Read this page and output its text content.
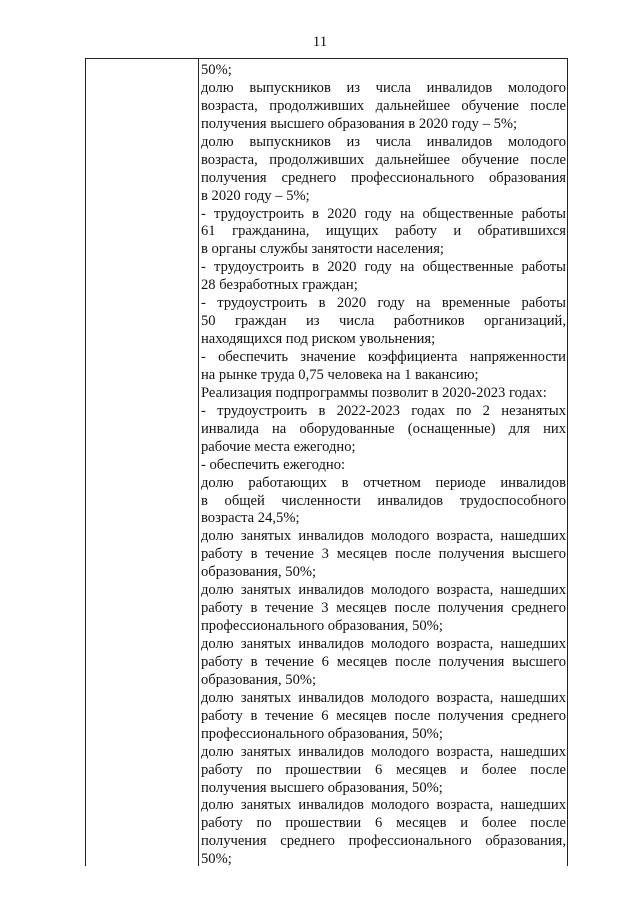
11
50%;
долю выпускников из числа инвалидов молодого
возраста, продолживших дальнейшее обучение после
получения высшего образования в 2020 году – 5%;
долю выпускников из числа инвалидов молодого
возраста, продолживших дальнейшее обучение после
получения среднего профессионального образования
в 2020 году – 5%;
- трудоустроить в 2020 году на общественные работы
61 гражданина, ищущих работу и обратившихся
в органы службы занятости населения;
- трудоустроить в 2020 году на общественные работы
28 безработных граждан;
- трудоустроить в 2020 году на временные работы
50 граждан из числа работников организаций,
находящихся под риском увольнения;
- обеспечить значение коэффициента напряженности
на рынке труда 0,75 человека на 1 вакансию;
Реализация подпрограммы позволит в 2020-2023 годах:
- трудоустроить в 2022-2023 годах по 2 незанятых
инвалида на оборудованные (оснащенные) для них
рабочие места ежегодно;
- обеспечить ежегодно:
долю работающих в отчетном периоде инвалидов
в общей численности инвалидов трудоспособного
возраста 24,5%;
долю занятых инвалидов молодого возраста, нашедших
работу в течение 3 месяцев после получения высшего
образования, 50%;
долю занятых инвалидов молодого возраста, нашедших
работу в течение 3 месяцев после получения среднего
профессионального образования, 50%;
долю занятых инвалидов молодого возраста, нашедших
работу в течение 6 месяцев после получения высшего
образования, 50%;
долю занятых инвалидов молодого возраста, нашедших
работу в течение 6 месяцев после получения среднего
профессионального образования, 50%;
долю занятых инвалидов молодого возраста, нашедших
работу по прошествии 6 месяцев и более после
получения высшего образования, 50%;
долю занятых инвалидов молодого возраста, нашедших
работу по прошествии 6 месяцев и более после
получения среднего профессионального образования,
50%;
